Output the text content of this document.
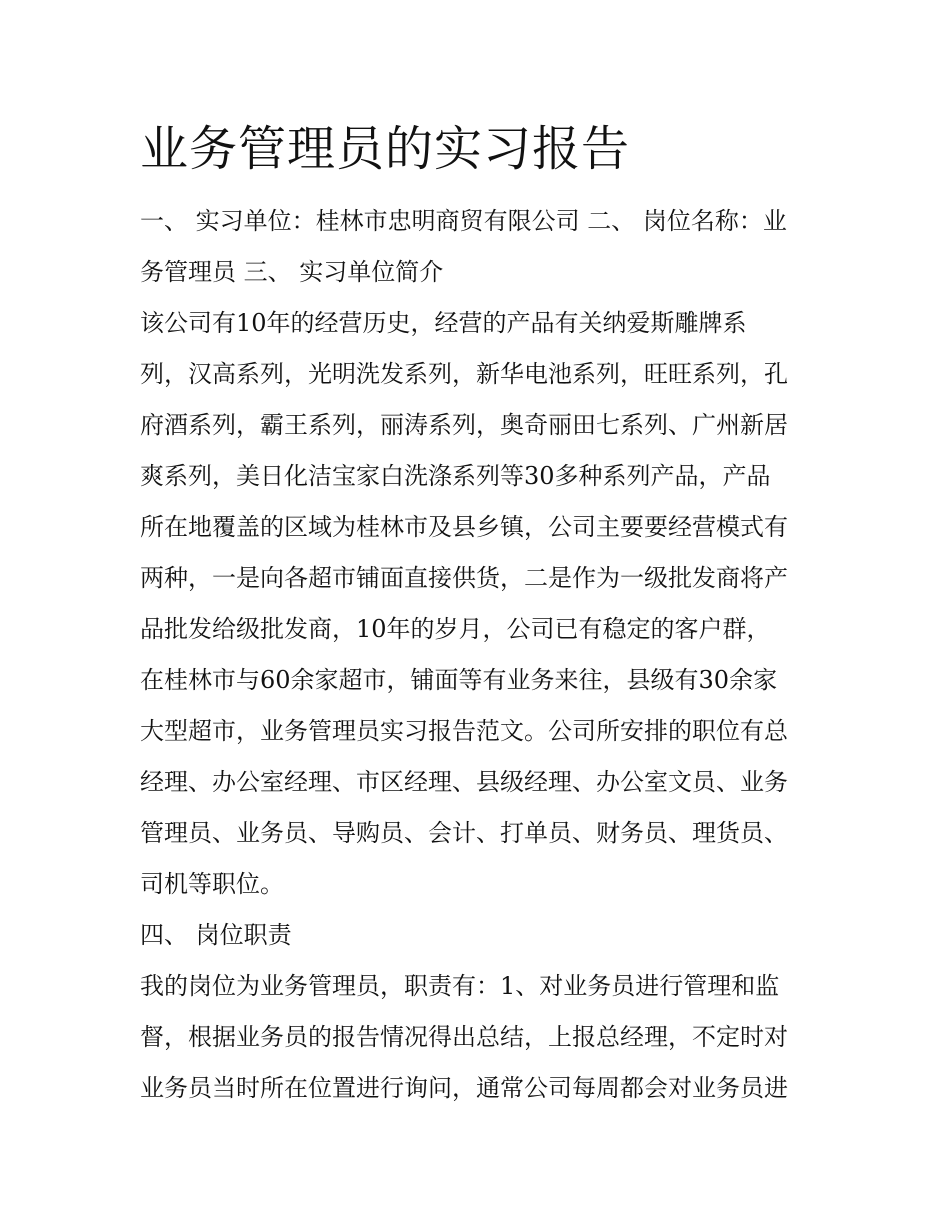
业务管理员的实习报告
一、 实习单位：桂林市忠明商贸有限公司 二、 岗位名称：业
务管理员 三、 实习单位简介
该公司有10年的经营历史，经营的产品有关纳爱斯雕牌系
列，汉高系列，光明洗发系列，新华电池系列，旺旺系列，孔
府酒系列，霸王系列，丽涛系列，奥奇丽田七系列、广州新居
爽系列，美日化洁宝家白洗涤系列等30多种系列产品，产品
所在地覆盖的区域为桂林市及县乡镇，公司主要要经营模式有
两种，一是向各超市铺面直接供货，二是作为一级批发商将产
品批发给级批发商，10年的岁月，公司已有稳定的客户群，
在桂林市与60余家超市，铺面等有业务来往，县级有30余家
大型超市，业务管理员实习报告范文。公司所安排的职位有总
经理、办公室经理、市区经理、县级经理、办公室文员、业务
管理员、业务员、导购员、会计、打单员、财务员、理货员、
司机等职位。
四、 岗位职责
我的岗位为业务管理员，职责有：1、对业务员进行管理和监
督，根据业务员的报告情况得出总结，上报总经理，不定时对
业务员当时所在位置进行询问，通常公司每周都会对业务员进
